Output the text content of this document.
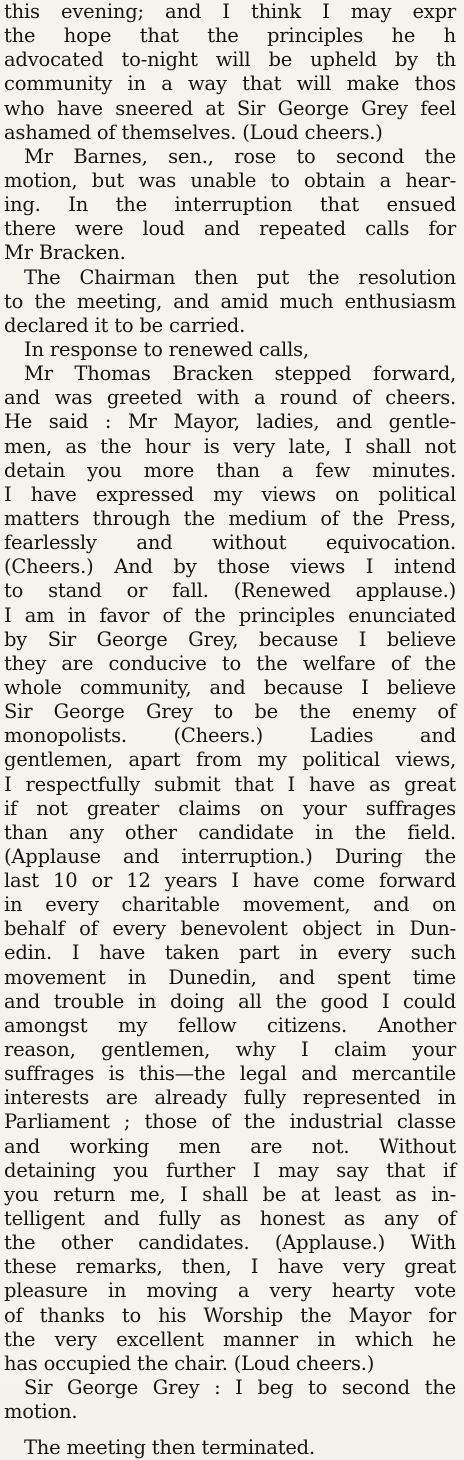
this evening; and I think I may expr
the hope that the principles he h
advocated to-night will be upheld by th
community in a way that will make thos
who have sneered at Sir George Grey feel
ashamed of themselves. (Loud cheers.)
Mr Barnes, sen., rose to second the
motion, but was unable to obtain a hear-
ing. In the interruption that ensued
there were loud and repeated calls for
Mr Bracken.
The Chairman then put the resolution
to the meeting, and amid much enthusiasm
declared it to be carried.
In response to renewed calls,
Mr Thomas Bracken stepped forward,
and was greeted with a round of cheers.
He said : Mr Mayor, ladies, and gentle-
men, as the hour is very late, I shall not
detain you more than a few minutes.
I have expressed my views on political
matters through the medium of the Press,
fearlessly and without equivocation.
(Cheers.) And by those views I intend
to stand or fall. (Renewed applause.)
I am in favor of the principles enunciated
by Sir George Grey, because I believe
they are conducive to the welfare of the
whole community, and because I believe
Sir George Grey to be the enemy of
monopolists. (Cheers.) Ladies and
gentlemen, apart from my political views,
I respectfully submit that I have as great
if not greater claims on your suffrages
than any other candidate in the field.
(Applause and interruption.) During the
last 10 or 12 years I have come forward
in every charitable movement, and on
behalf of every benevolent object in Dun-
edin. I have taken part in every such
movement in Dunedin, and spent time
and trouble in doing all the good I could
amongst my fellow citizens. Another
reason, gentlemen, why I claim your
suffrages is this—the legal and mercantile
interests are already fully represented in
Parliament ; those of the industrial classe
and working men are not. Without
detaining you further I may say that if
you return me, I shall be at least as in-
telligent and fully as honest as any of
the other candidates. (Applause.) With
these remarks, then, I have very great
pleasure in moving a very hearty vote
of thanks to his Worship the Mayor for
the very excellent manner in which he
has occupied the chair. (Loud cheers.)
Sir George Grey : I beg to second the
motion.
The meeting then terminated.
